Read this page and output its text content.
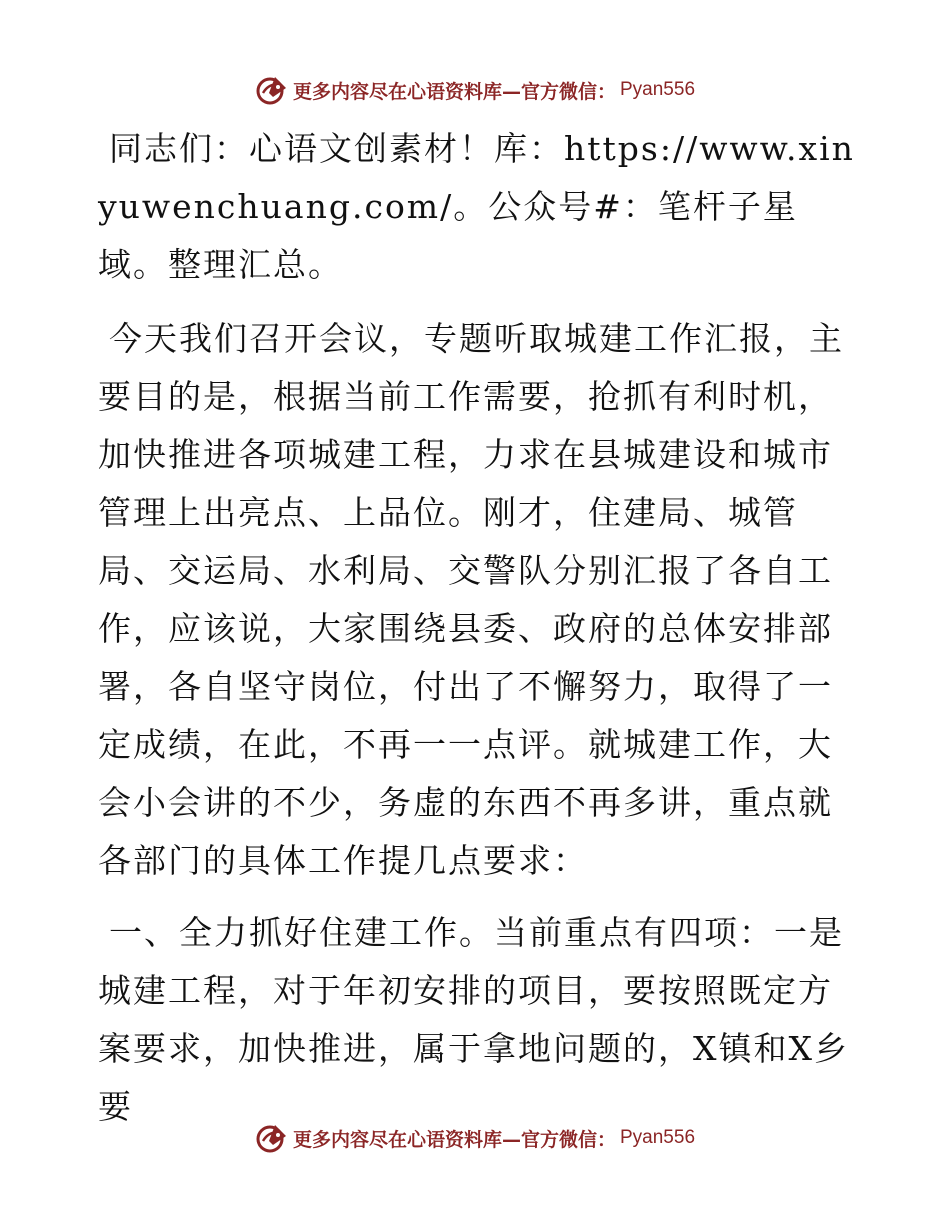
更多内容尽在心语资料库—官方微信： Pyan556

同志们：心语文创素材！库：https://www.xinyuwenchuang.com/。公众号#：笔杆子星域。整理汇总。

今天我们召开会议，专题听取城建工作汇报，主要目的是，根据当前工作需要，抢抓有利时机，加快推进各项城建工程，力求在县城建设和城市管理上出亮点、上品位。刚才，住建局、城管局、交运局、水利局、交警队分别汇报了各自工作，应该说，大家围绕县委、政府的总体安排部署，各自坚守岗位，付出了不懈努力，取得了一定成绩，在此，不再一一点评。就城建工作，大会小会讲的不少，务虚的东西不再多讲，重点就各部门的具体工作提几点要求：

一、全力抓好住建工作。当前重点有四项：一是城建工程，对于年初安排的项目，要按照既定方案要求，加快推进，属于拿地问题的，X镇和X乡要

更多内容尽在心语资料库—官方微信： Pyan556
